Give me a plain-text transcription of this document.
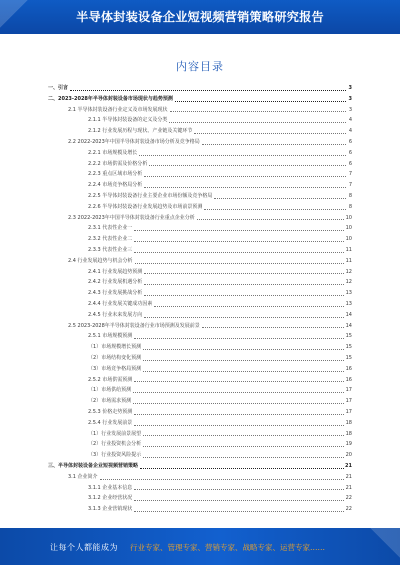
半导体封装设备企业短视频营销策略研究报告
内容目录
一、引言	3
二、2023-2028年半导体封装设备市场现状与趋势预测	3
2.1 半导体封装设备行业定义及市场发展现状	3
2.1.1 半导体封装设备的定义及分类	4
2.1.2 行业发展历程与现状、产业链及关键环节	4
2.2 2022-2023年中国半导体封装设备市场分析及竞争格局	6
2.2.1 市场规模及增长	6
2.2.2 市场供需及价格分析	6
2.2.3 重点区域市场分析	7
2.2.4 市场竞争格局分析	7
2.2.5 半导体封装设备行业主要企业市场份额及竞争格局	8
2.2.6 半导体封装设备行业发展趋势及市场前景预测	8
2.3 2022-2023年中国半导体封装设备行业重点企业分析	10
2.3.1 代表性企业一	10
2.3.2 代表性企业二	10
2.3.3 代表性企业三	11
2.4 行业发展趋势与机会分析	11
2.4.1 行业发展趋势预测	12
2.4.2 行业发展机遇分析	12
2.4.3 行业发展挑战分析	13
2.4.4 行业发展关键成功因素	13
2.4.5 行业未来发展方向	14
2.5 2023-2028年半导体封装设备行业市场预测及发展前景	14
2.5.1 市场规模预测	15
（1）市场规模增长预测	15
（2）市场结构变化预测	15
（3）市场竞争格局预测	16
2.5.2 市场供需预测	16
（1）市场供给预测	17
（2）市场需求预测	17
2.5.3 价格走势预测	17
2.5.4 行业发展前景	18
（1）行业发展前景展望	18
（2）行业投资机会分析	19
（3）行业投资风险提示	20
三、半导体封装设备企业短视频营销策略	21
3.1 企业简介	21
3.1.1 企业基本信息	21
3.1.2 企业经营状况	22
3.1.3 企业营销现状	22
让每个人都能成为 行业专家、管理专家、营销专家、战略专家、运营专家……
